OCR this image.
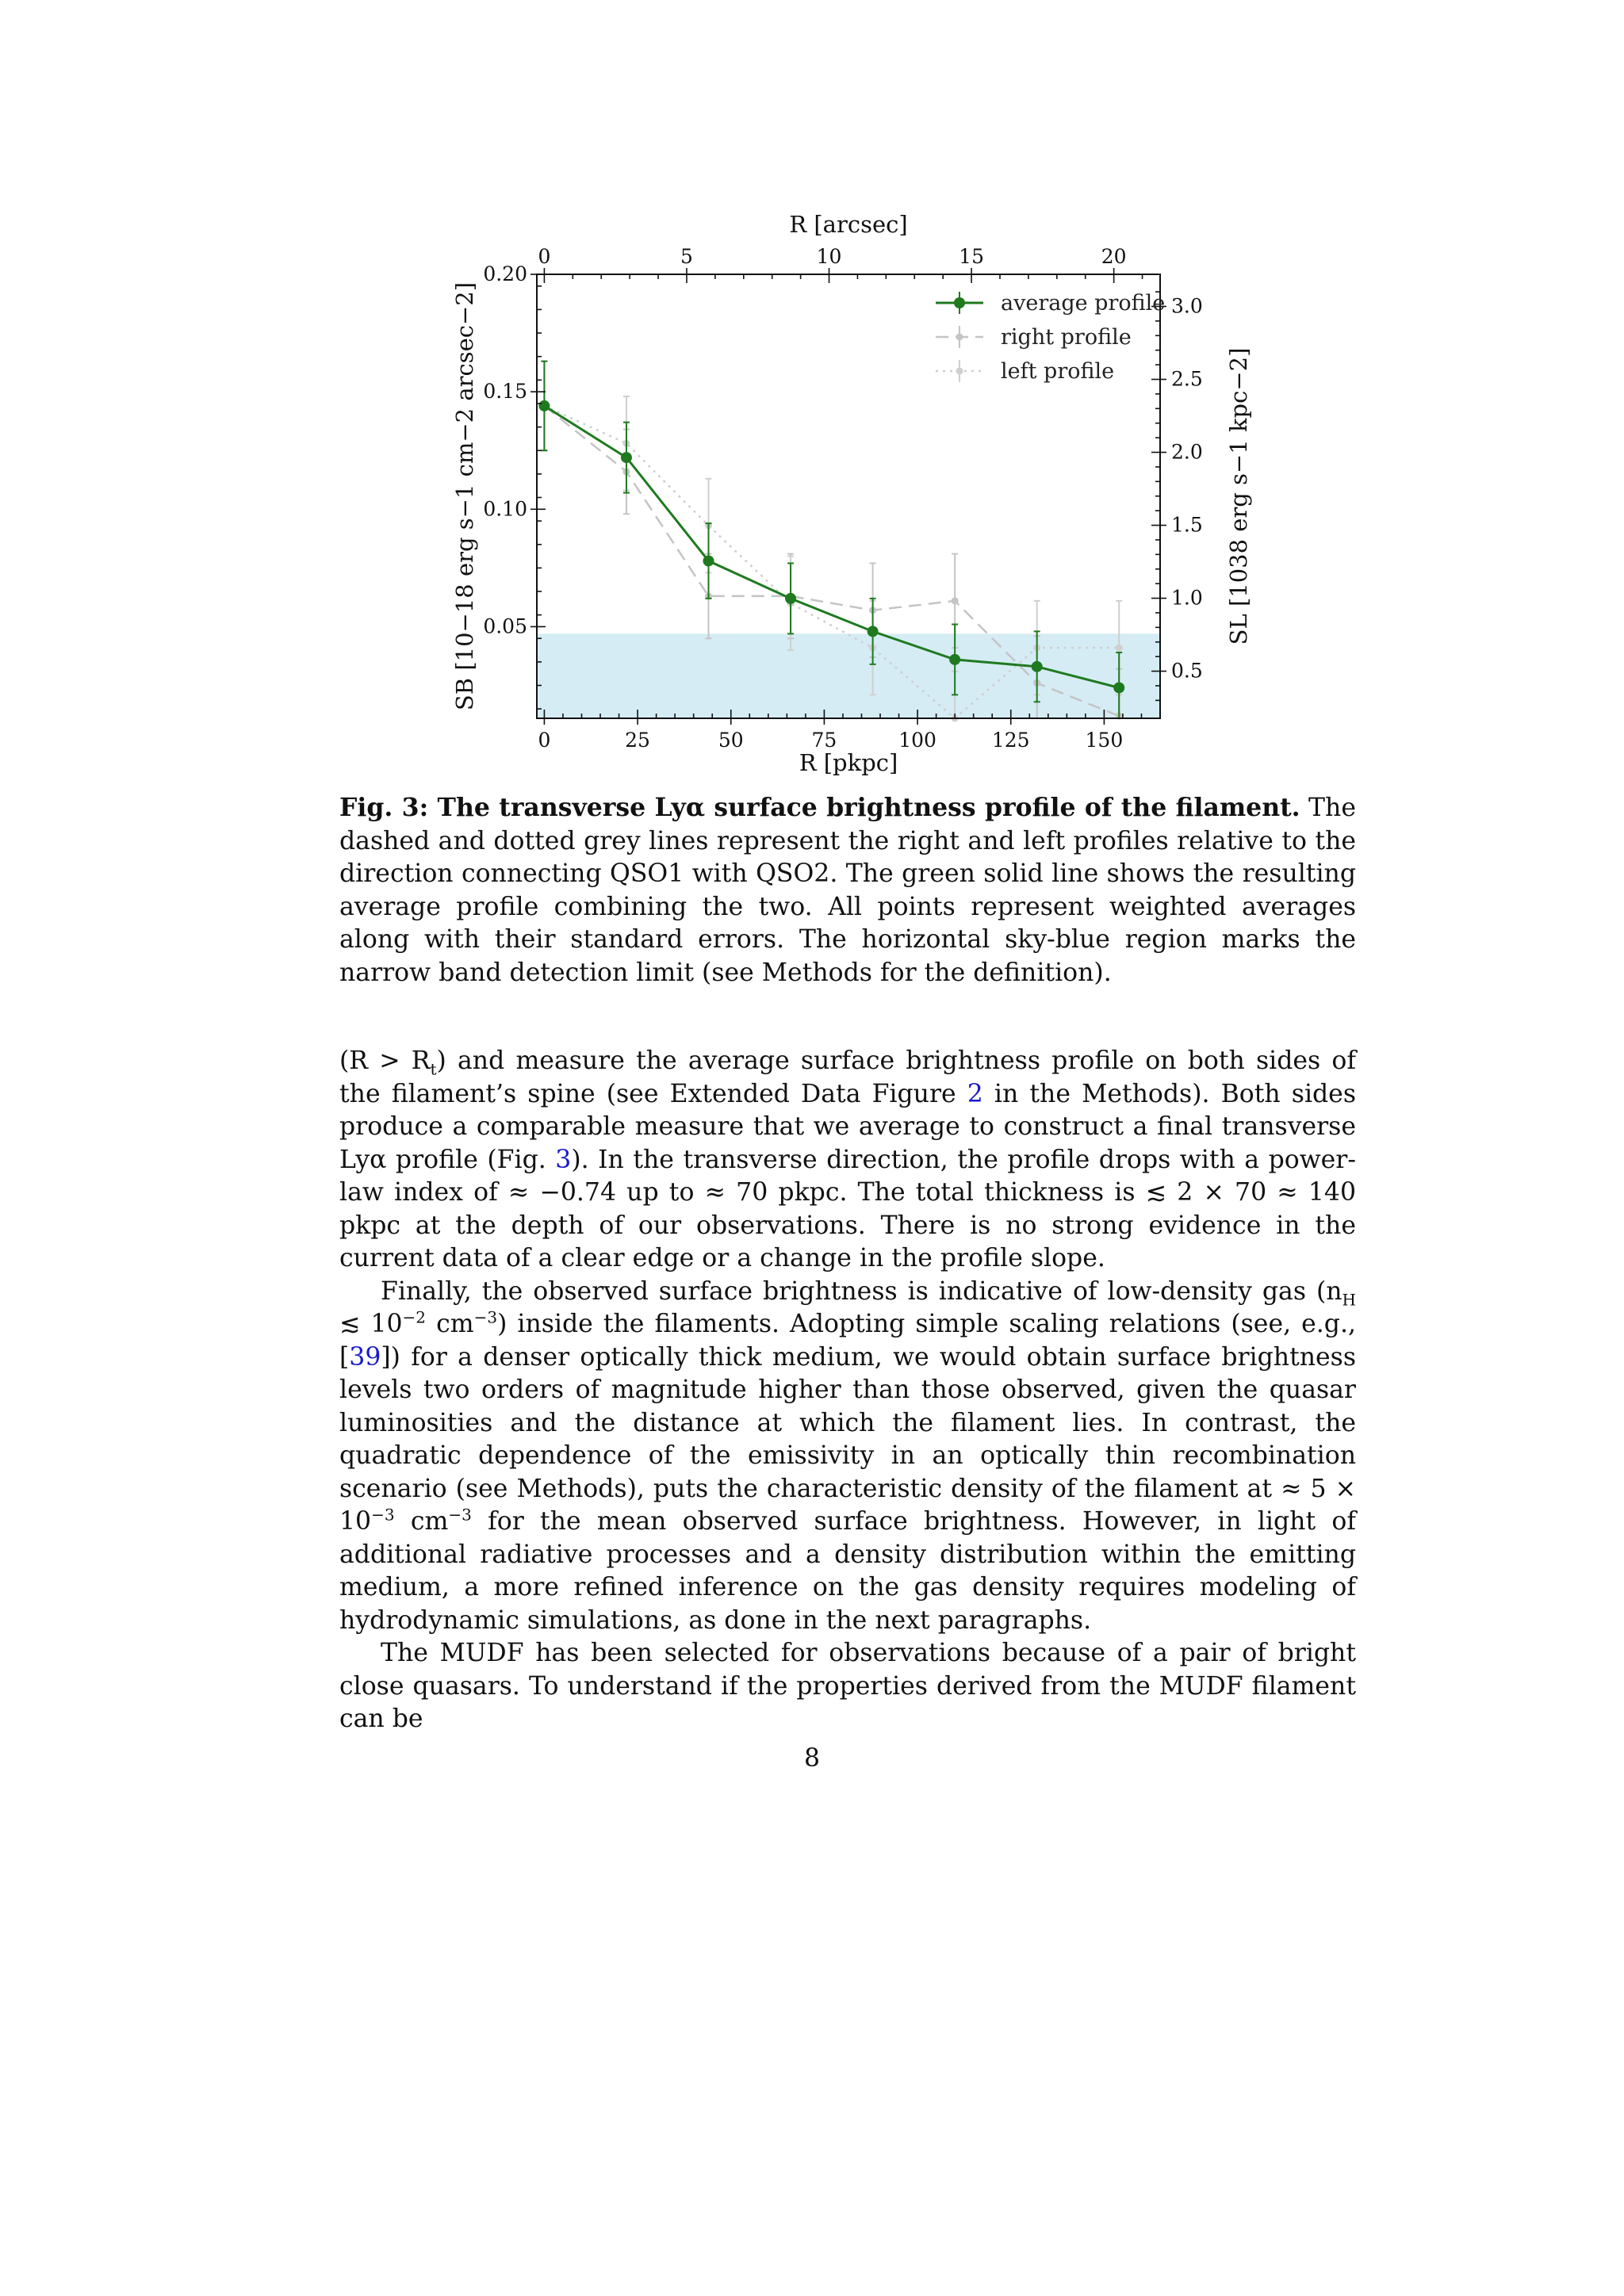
0	25	50	75	100	125	150
0	5	10	15	20
0.05
0.10
0.15
0.20
0.5
1.0
1.5
2.0
2.5
3.0
average profile
right profile
left profile
R [arcsec]
R [pkpc]
SB [10−18 erg s−1 cm−2 arcsec−2]	SL [1038 erg s−1 kpc−2]
Fig. 3: The transverse Lyα surface brightness profile of the filament. The dashed and dotted grey lines represent the right and left profiles relative to the direction connecting QSO1 with QSO2. The green solid line shows the resulting average profile combining the two. All points represent weighted averages along with their standard errors. The horizontal sky-blue region marks the narrow band detection limit (see Methods for the definition).

$(R > R_t)$ and measure the average surface brightness profile on both sides of the filament’s spine (see Extended Data Figure 2 in the Methods). Both sides produce a comparable measure that we average to construct a final transverse Lyα profile (Fig. 3). In the transverse direction, the profile drops with a power-law index of ≈ −0.74 up to ≈ 70 pkpc. The total thickness is ≲ 2 × 70 ≈ 140 pkpc at the depth of our observations. There is no strong evidence in the current data of a clear edge or a change in the profile slope.

Finally, the observed surface brightness is indicative of low-density gas ($n_H$ ≲ $10^{-2}$ $cm^{-3}$) inside the filaments. Adopting simple scaling relations (see, e.g., [39]) for a denser optically thick medium, we would obtain surface brightness levels two orders of magnitude higher than those observed, given the quasar luminosities and the distance at which the filament lies. In contrast, the quadratic dependence of the emissivity in an optically thin recombination scenario (see Methods), puts the characteristic density of the filament at ≈ $5 \times 10^{-3}$ $cm^{-3}$ for the mean observed surface brightness. However, in light of additional radiative processes and a density distribution within the emitting medium, a more refined inference on the gas density requires modeling of hydrodynamic simulations, as done in the next paragraphs.

The MUDF has been selected for observations because of a pair of bright close quasars. To understand if the properties derived from the MUDF filament can be

8
